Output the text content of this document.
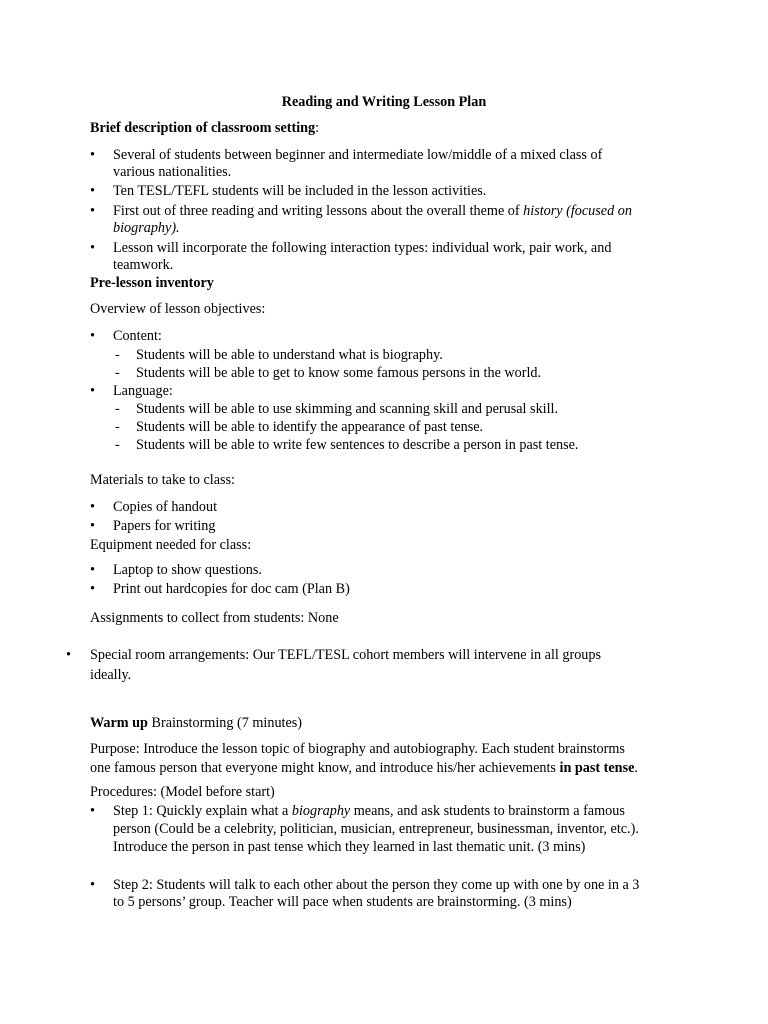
Reading and Writing Lesson Plan
Brief description of classroom setting:
• Several of students between beginner and intermediate low/middle of a mixed class of
various nationalities.
• Ten TESL/TEFL students will be included in the lesson activities.
• First out of three reading and writing lessons about the overall theme of history (focused on
biography).
• Lesson will incorporate the following interaction types: individual work, pair work, and
teamwork.
Pre-lesson inventory
Overview of lesson objectives:
• Content:
- Students will be able to understand what is biography.
- Students will be able to get to know some famous persons in the world.
• Language:
- Students will be able to use skimming and scanning skill and perusal skill.
- Students will be able to identify the appearance of past tense.
- Students will be able to write few sentences to describe a person in past tense.
Materials to take to class:
• Copies of handout
• Papers for writing
Equipment needed for class:
• Laptop to show questions.
• Print out hardcopies for doc cam (Plan B)
Assignments to collect from students: None
• Special room arrangements: Our TEFL/TESL cohort members will intervene in all groups
ideally.
Warm up Brainstorming (7 minutes)
Purpose: Introduce the lesson topic of biography and autobiography. Each student brainstorms
one famous person that everyone might know, and introduce his/her achievements in past tense.
Procedures: (Model before start)
• Step 1: Quickly explain what a biography means, and ask students to brainstorm a famous
person (Could be a celebrity, politician, musician, entrepreneur, businessman, inventor, etc.).
Introduce the person in past tense which they learned in last thematic unit. (3 mins)
• Step 2: Students will talk to each other about the person they come up with one by one in a 3
to 5 persons’ group. Teacher will pace when students are brainstorming. (3 mins)
